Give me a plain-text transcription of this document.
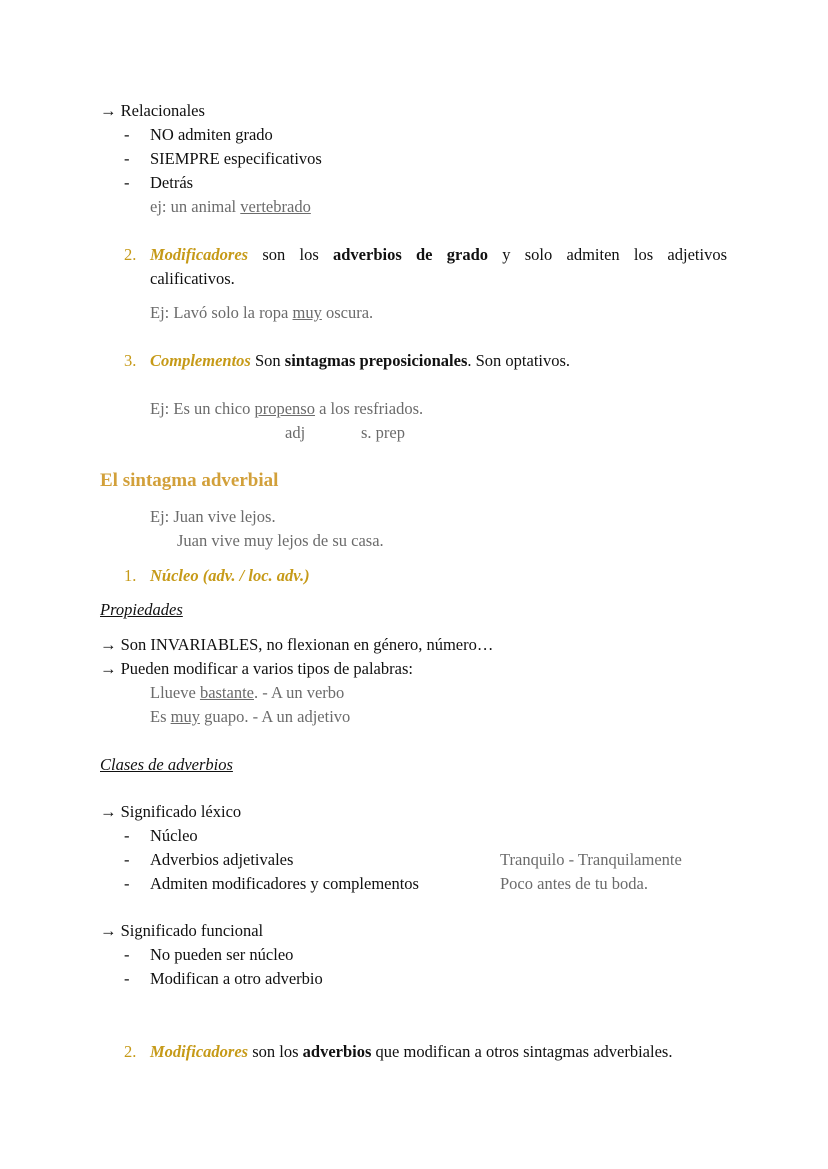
→ Relacionales
- NO admiten grado
- SIEMPRE especificativos
- Detrás
ej: un animal vertebrado
2. Modificadores son los adverbios de grado y solo admiten los adjetivos
calificativos.
Ej: Lavó solo la ropa muy oscura.
3. Complementos Son sintagmas preposicionales. Son optativos.
Ej: Es un chico propenso a los resfriados.
adj	s. prep
El sintagma adverbial
Ej: Juan vive lejos.
Juan vive muy lejos de su casa.
1. Núcleo (adv. / loc. adv.)
Propiedades
→ Son INVARIABLES, no flexionan en género, número…
→ Pueden modificar a varios tipos de palabras:
Llueve bastante. - A un verbo
Es muy guapo. - A un adjetivo
Clases de adverbios
→ Significado léxico
- Núcleo
- Adverbios adjetivales	Tranquilo - Tranquilamente
- Admiten modificadores y complementos	Poco antes de tu boda.
→ Significado funcional
- No pueden ser núcleo
- Modifican a otro adverbio
2. Modificadores son los adverbios que modifican a otros sintagmas adverbiales.
